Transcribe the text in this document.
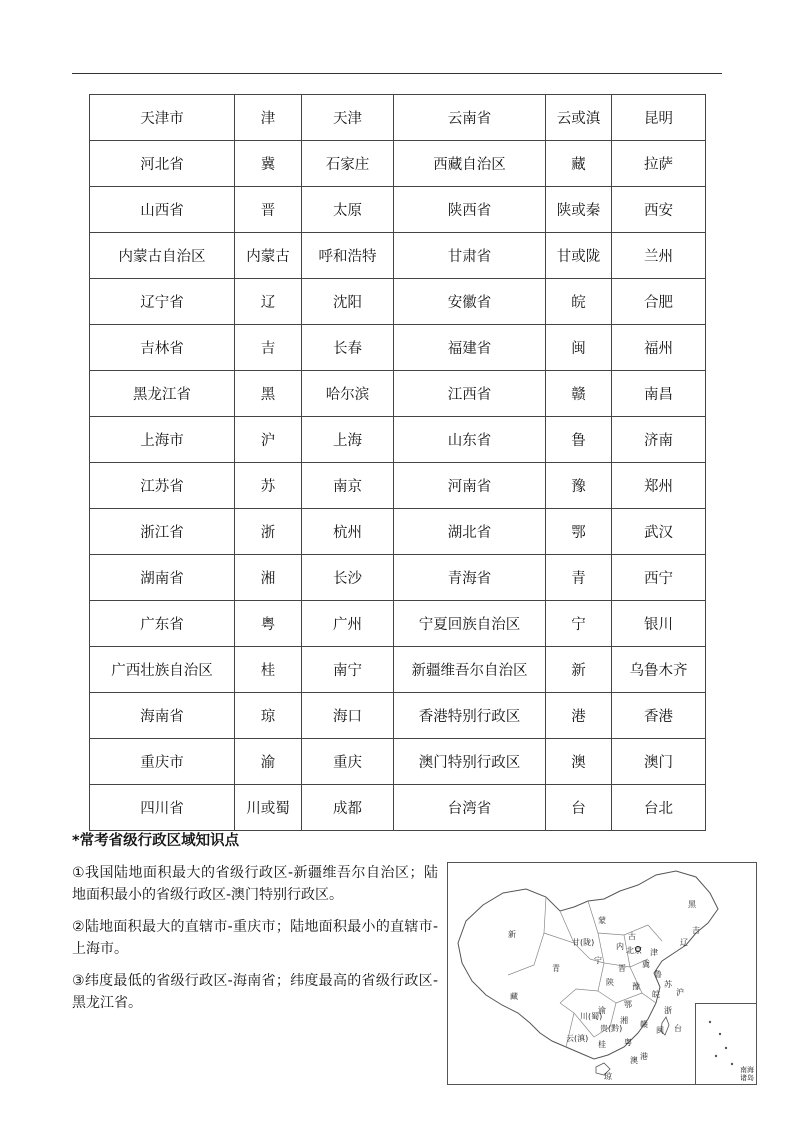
天津市	津	天津	云南省	云或滇	昆明
河北省	冀	石家庄	西藏自治区	藏	拉萨
山西省	晋	太原	陕西省	陕或秦	西安
内蒙古自治区	内蒙古	呼和浩特	甘肃省	甘或陇	兰州
辽宁省	辽	沈阳	安徽省	皖	合肥
吉林省	吉	长春	福建省	闽	福州
黑龙江省	黑	哈尔滨	江西省	赣	南昌
上海市	沪	上海	山东省	鲁	济南
江苏省	苏	南京	河南省	豫	郑州
浙江省	浙	杭州	湖北省	鄂	武汉
湖南省	湘	长沙	青海省	青	西宁
广东省	粤	广州	宁夏回族自治区	宁	银川
广西壮族自治区	桂	南宁	新疆维吾尔自治区	新	乌鲁木齐
海南省	琼	海口	香港特别行政区	港	香港
重庆市	渝	重庆	澳门特别行政区	澳	澳门
四川省	川或蜀	成都	台湾省	台	台北
*常考省级行政区域知识点

①我国陆地面积最大的省级行政区-新疆维吾尔自治区；陆地面积最小的省级行政区-澳门特别行政区。

②陆地面积最大的直辖市-重庆市；陆地面积最小的直辖市-上海市。

③纬度最低的省级行政区-海南省；纬度最高的省级行政区-黑龙江省。

新
藏
青
甘(陇)
蒙
内
古
黑
吉
辽
北京 津
冀
晋
鲁
豫
陕
宁
川(蜀)
渝
鄂
皖
苏
沪
浙
湘 赣
闽
贵(黔)
云(滇)
桂 粤
琼
台
港
澳
南海诸岛
